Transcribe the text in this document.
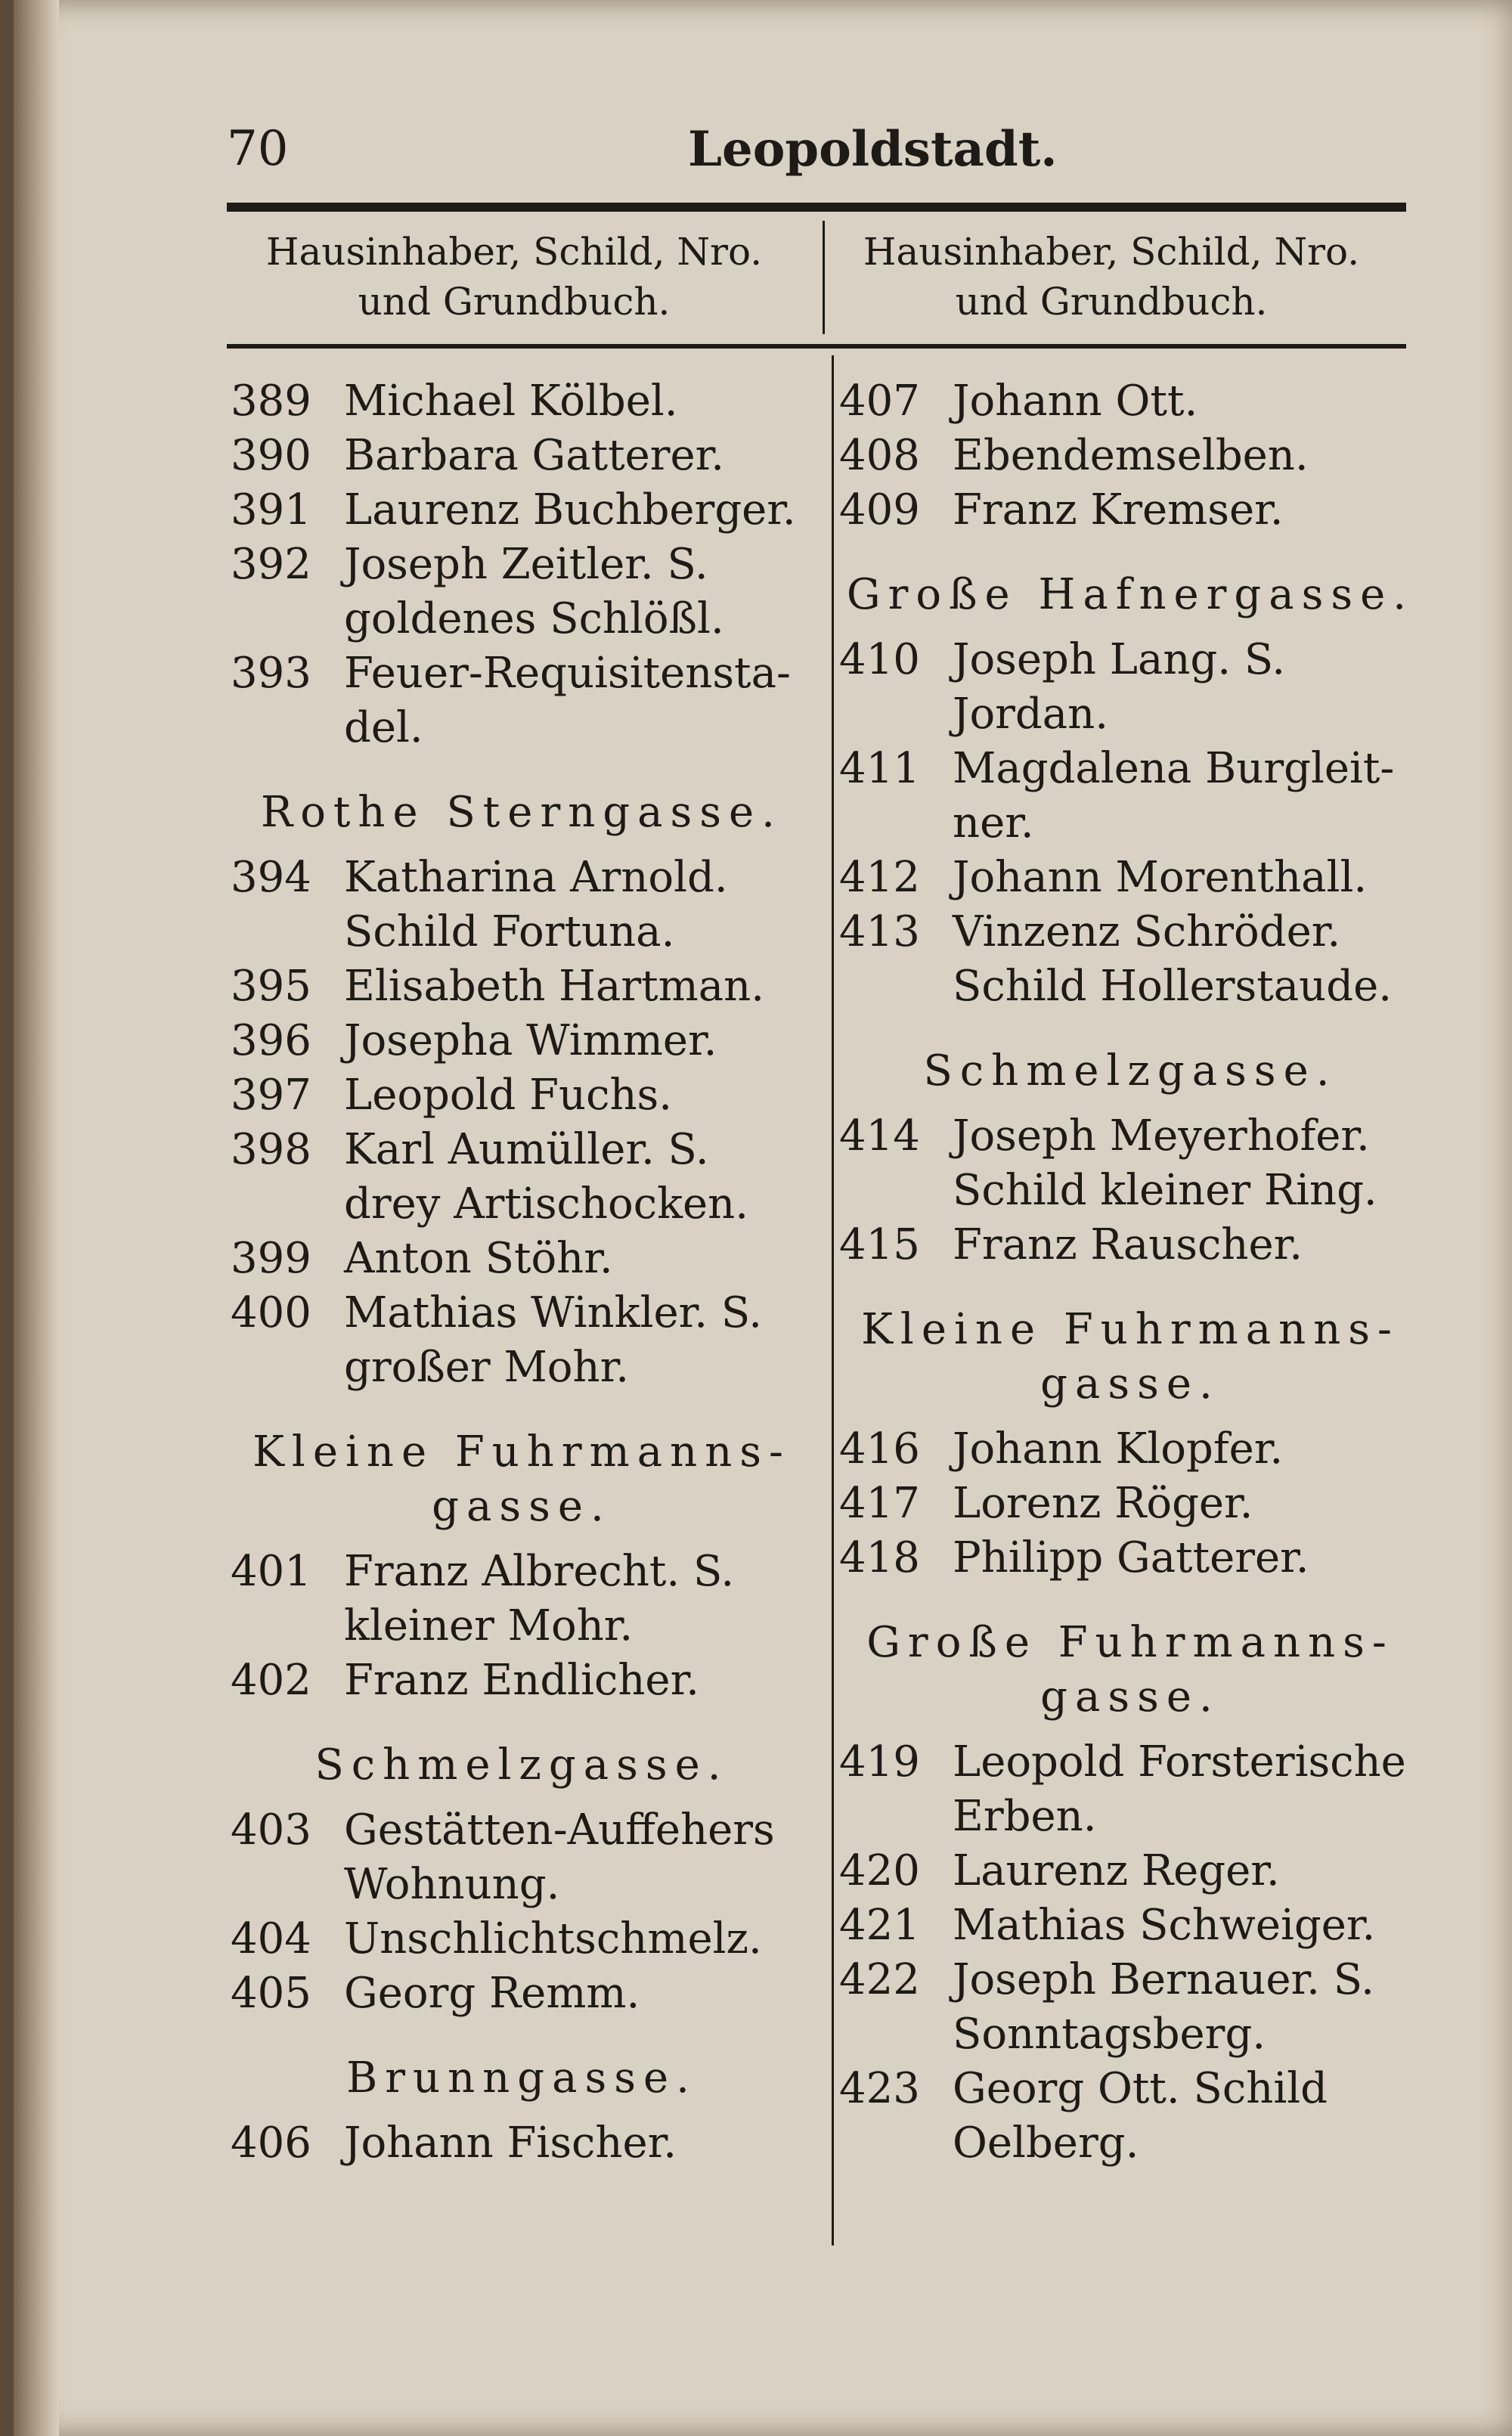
70	Leopoldstadt.
Hausinhaber, Schild, Nro.
und Grundbuch.
Hausinhaber, Schild, Nro.
und Grundbuch.
389 Michael Kölbel.
390 Barbara Gatterer.
391 Laurenz Buchberger.
392 Joseph Zeitler. S. goldenes Schlößl.
393 Feuer-Requisitensta-del.
Rothe Sterngasse.
394 Katharina Arnold. Schild Fortuna.
395 Elisabeth Hartman.
396 Josepha Wimmer.
397 Leopold Fuchs.
398 Karl Aumüller. S. drey Artischocken.
399 Anton Stöhr.
400 Mathias Winkler. S. großer Mohr.
Kleine Fuhrmanns-gasse.
401 Franz Albrecht. S. kleiner Mohr.
402 Franz Endlicher.
Schmelzgasse.
403 Gestätten-Auffehers Wohnung.
404 Unschlichtschmelz.
405 Georg Remm.
Brunngasse.
406 Johann Fischer.
407 Johann Ott.
408 Ebendemselben.
409 Franz Kremser.
Große Hafnergasse.
410 Joseph Lang. S. Jordan.
411 Magdalena Burgleit-ner.
412 Johann Morenthall.
413 Vinzenz Schröder. Schild Hollerstaude.
Schmelzgasse.
414 Joseph Meyerhofer. Schild kleiner Ring.
415 Franz Rauscher.
Kleine Fuhrmanns-gasse.
416 Johann Klopfer.
417 Lorenz Röger.
418 Philipp Gatterer.
Große Fuhrmanns-gasse.
419 Leopold Forsterische Erben.
420 Laurenz Reger.
421 Mathias Schweiger.
422 Joseph Bernauer. S. Sonntagsberg.
423 Georg Ott. Schild Oelberg.
